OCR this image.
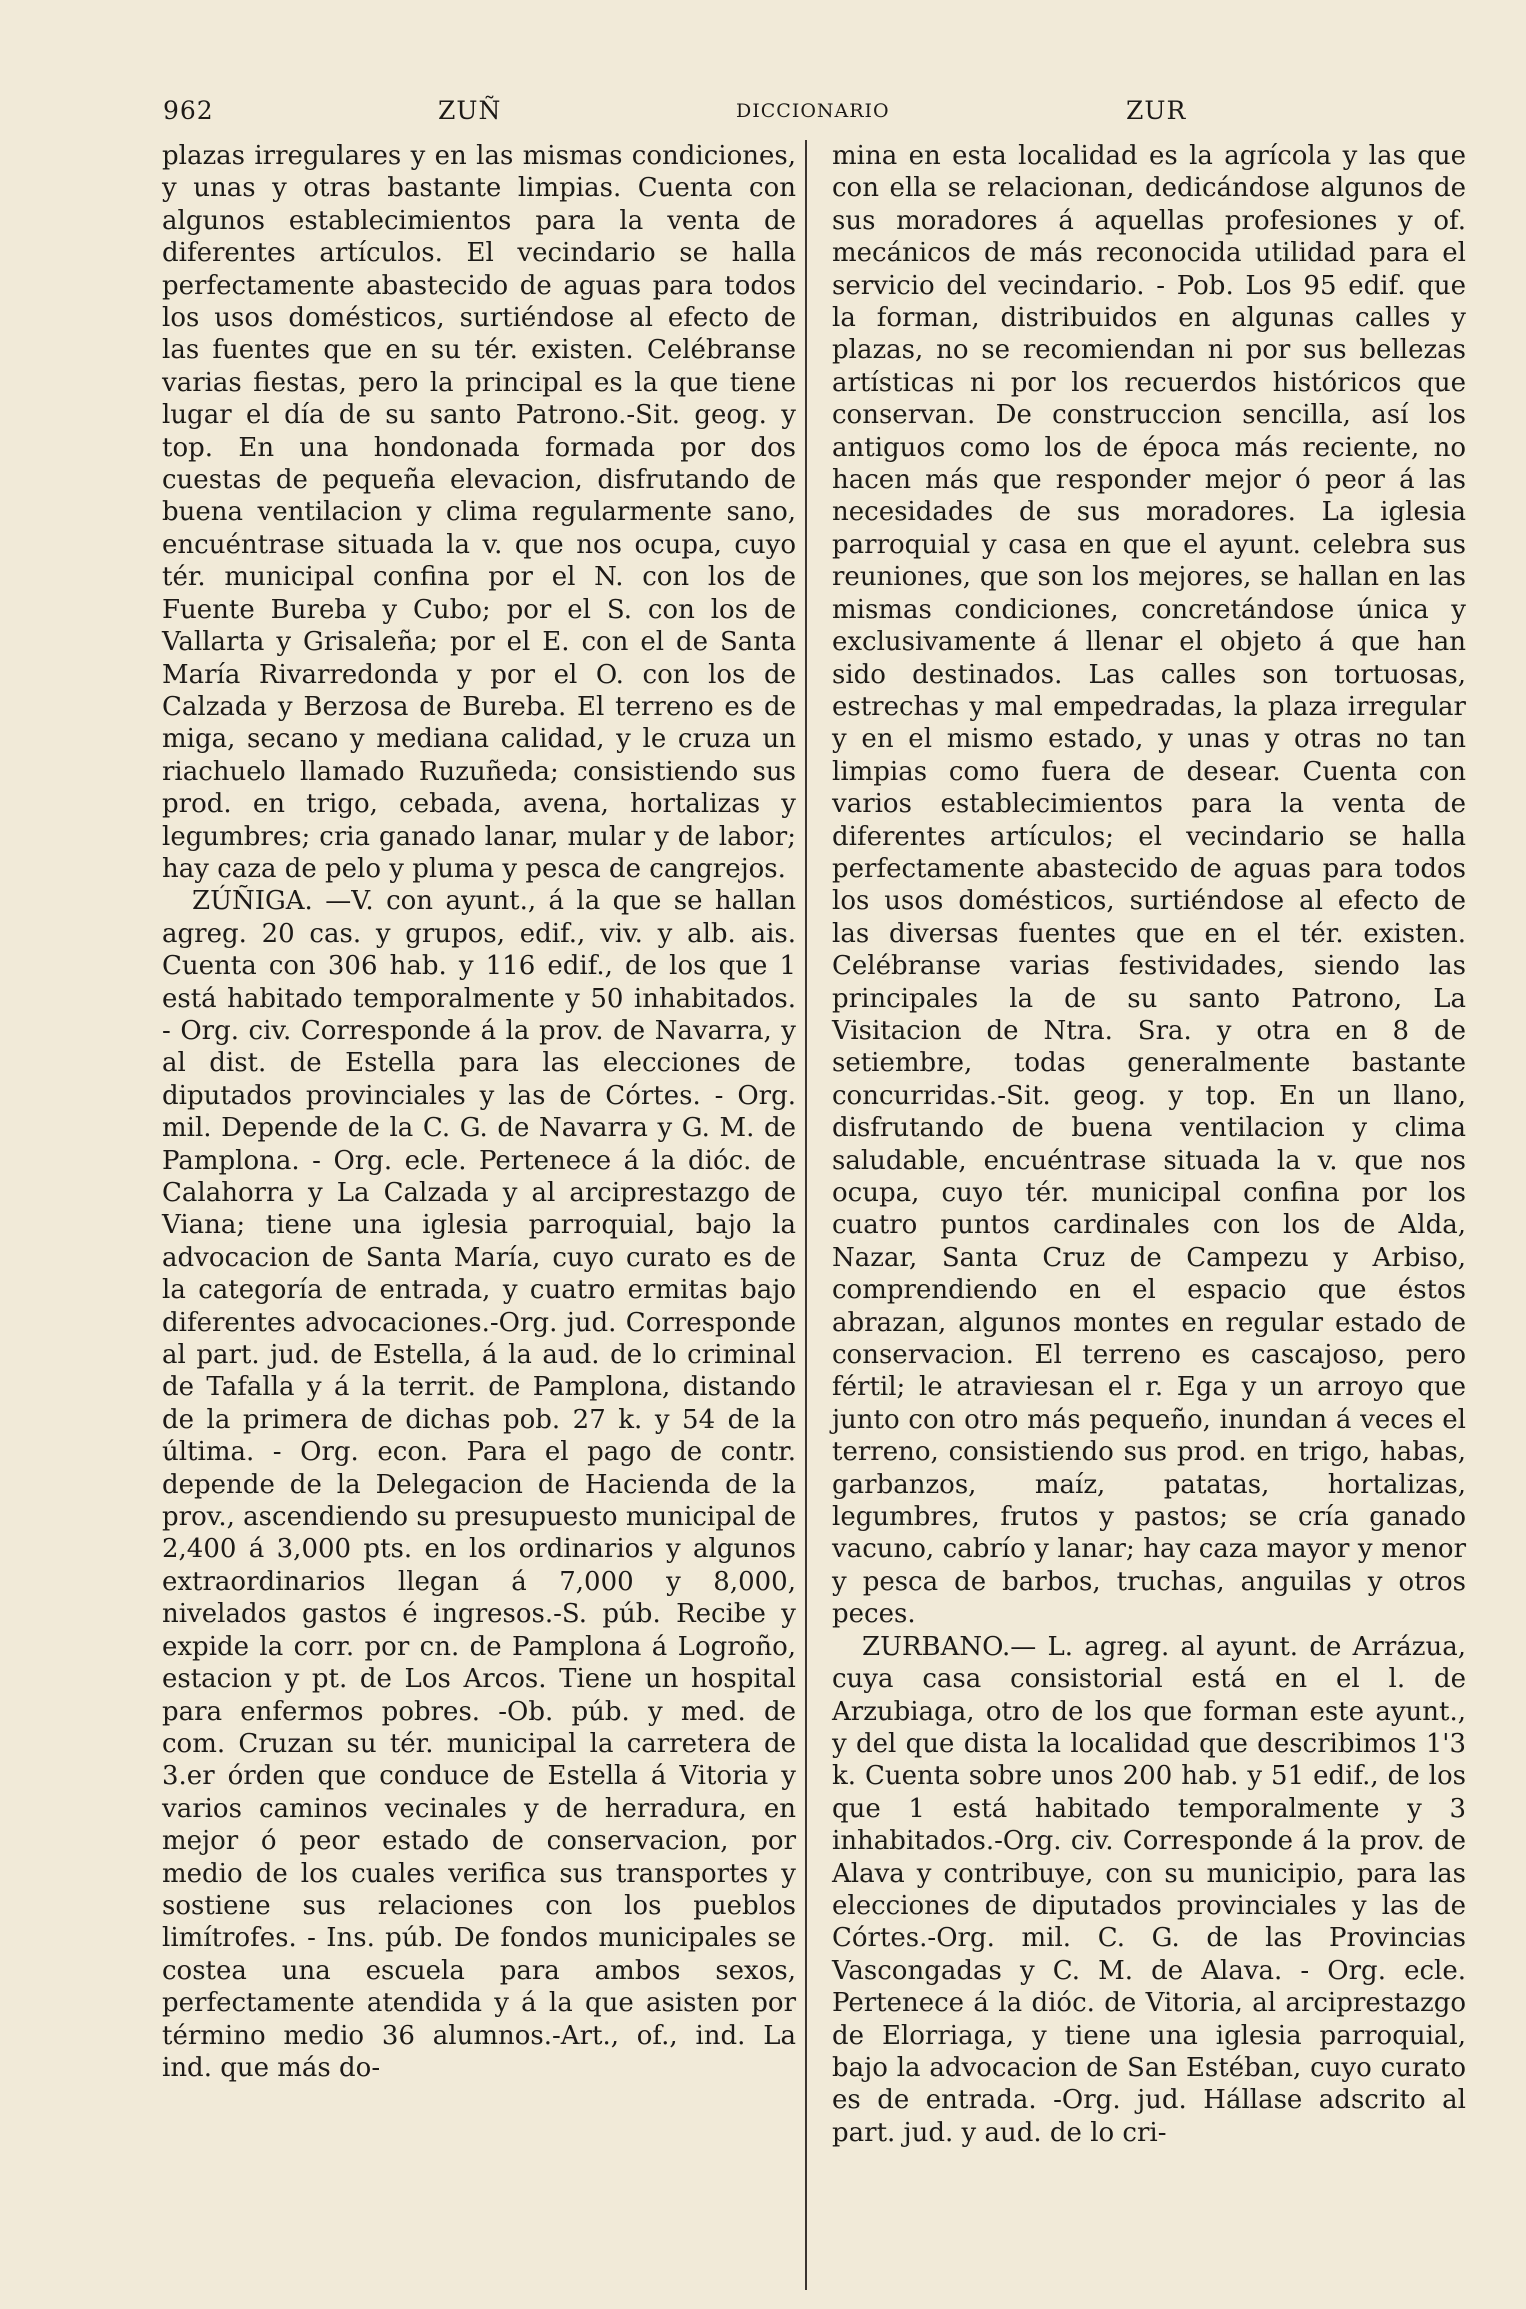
962	ZUÑ	DICCIONARIO	ZUR

plazas irregulares y en las mismas condiciones, y unas y otras bastante limpias. Cuenta con algunos establecimientos para la venta de diferentes artículos. El vecindario se halla perfectamente abastecido de aguas para todos los usos domésticos, surtiéndose al efecto de las fuentes que en su tér. existen. Celébranse varias fiestas, pero la principal es la que tiene lugar el día de su santo Patrono.-Sit. geog. y top. En una hondonada formada por dos cuestas de pequeña elevacion, disfrutando de buena ventilacion y clima regularmente sano, encuéntrase situada la v. que nos ocupa, cuyo tér. municipal confina por el N. con los de Fuente Bureba y Cubo; por el S. con los de Vallarta y Grisaleña; por el E. con el de Santa María Rivarredonda y por el O. con los de Calzada y Berzosa de Bureba. El terreno es de miga, secano y mediana calidad, y le cruza un riachuelo llamado Ruzuñeda; consistiendo sus prod. en trigo, cebada, avena, hortalizas y legumbres; cria ganado lanar, mular y de labor; hay caza de pelo y pluma y pesca de cangrejos.

ZÚÑIGA. —V. con ayunt., á la que se hallan agreg. 20 cas. y grupos, edif., viv. y alb. ais. Cuenta con 306 hab. y 116 edif., de los que 1 está habitado temporalmente y 50 inhabitados. - Org. civ. Corresponde á la prov. de Navarra, y al dist. de Estella para las elecciones de diputados provinciales y las de Córtes. - Org. mil. Depende de la C. G. de Navarra y G. M. de Pamplona. - Org. ecle. Pertenece á la dióc. de Calahorra y La Calzada y al arciprestazgo de Viana; tiene una iglesia parroquial, bajo la advocacion de Santa María, cuyo curato es de la categoría de entrada, y cuatro ermitas bajo diferentes advocaciones.-Org. jud. Corresponde al part. jud. de Estella, á la aud. de lo criminal de Tafalla y á la territ. de Pamplona, distando de la primera de dichas pob. 27 k. y 54 de la última. - Org. econ. Para el pago de contr. depende de la Delegacion de Hacienda de la prov., ascendiendo su presupuesto municipal de 2,400 á 3,000 pts. en los ordinarios y algunos extraordinarios llegan á 7,000 y 8,000, nivelados gastos é ingresos.-S. púb. Recibe y expide la corr. por cn. de Pamplona á Logroño, estacion y pt. de Los Arcos. Tiene un hospital para enfermos pobres. -Ob. púb. y med. de com. Cruzan su tér. municipal la carretera de 3.er órden que conduce de Estella á Vitoria y varios caminos vecinales y de herradura, en mejor ó peor estado de conservacion, por medio de los cuales verifica sus transportes y sostiene sus relaciones con los pueblos limítrofes. - Ins. púb. De fondos municipales se costea una escuela para ambos sexos, perfectamente atendida y á la que asisten por término medio 36 alumnos.-Art., of., ind. La ind. que más do-

mina en esta localidad es la agrícola y las que con ella se relacionan, dedicándose algunos de sus moradores á aquellas profesiones y of. mecánicos de más reconocida utilidad para el servicio del vecindario. - Pob. Los 95 edif. que la forman, distribuidos en algunas calles y plazas, no se recomiendan ni por sus bellezas artísticas ni por los recuerdos históricos que conservan. De construccion sencilla, así los antiguos como los de época más reciente, no hacen más que responder mejor ó peor á las necesidades de sus moradores. La iglesia parroquial y casa en que el ayunt. celebra sus reuniones, que son los mejores, se hallan en las mismas condiciones, concretándose única y exclusivamente á llenar el objeto á que han sido destinados. Las calles son tortuosas, estrechas y mal empedradas, la plaza irregular y en el mismo estado, y unas y otras no tan limpias como fuera de desear. Cuenta con varios establecimientos para la venta de diferentes artículos; el vecindario se halla perfectamente abastecido de aguas para todos los usos domésticos, surtiéndose al efecto de las diversas fuentes que en el tér. existen. Celébranse varias festividades, siendo las principales la de su santo Patrono, La Visitacion de Ntra. Sra. y otra en 8 de setiembre, todas generalmente bastante concurridas.-Sit. geog. y top. En un llano, disfrutando de buena ventilacion y clima saludable, encuéntrase situada la v. que nos ocupa, cuyo tér. municipal confina por los cuatro puntos cardinales con los de Alda, Nazar, Santa Cruz de Campezu y Arbiso, comprendiendo en el espacio que éstos abrazan, algunos montes en regular estado de conservacion. El terreno es cascajoso, pero fértil; le atraviesan el r. Ega y un arroyo que junto con otro más pequeño, inundan á veces el terreno, consistiendo sus prod. en trigo, habas, garbanzos, maíz, patatas, hortalizas, legumbres, frutos y pastos; se cría ganado vacuno, cabrío y lanar; hay caza mayor y menor y pesca de barbos, truchas, anguilas y otros peces.

ZURBANO.— L. agreg. al ayunt. de Arrázua, cuya casa consistorial está en el l. de Arzubiaga, otro de los que forman este ayunt., y del que dista la localidad que describimos 1'3 k. Cuenta sobre unos 200 hab. y 51 edif., de los que 1 está habitado temporalmente y 3 inhabitados.-Org. civ. Corresponde á la prov. de Alava y contribuye, con su municipio, para las elecciones de diputados provinciales y las de Córtes.-Org. mil. C. G. de las Provincias Vascongadas y C. M. de Alava. - Org. ecle. Pertenece á la dióc. de Vitoria, al arciprestazgo de Elorriaga, y tiene una iglesia parroquial, bajo la advocacion de San Estéban, cuyo curato es de entrada. -Org. jud. Hállase adscrito al part. jud. y aud. de lo cri-
